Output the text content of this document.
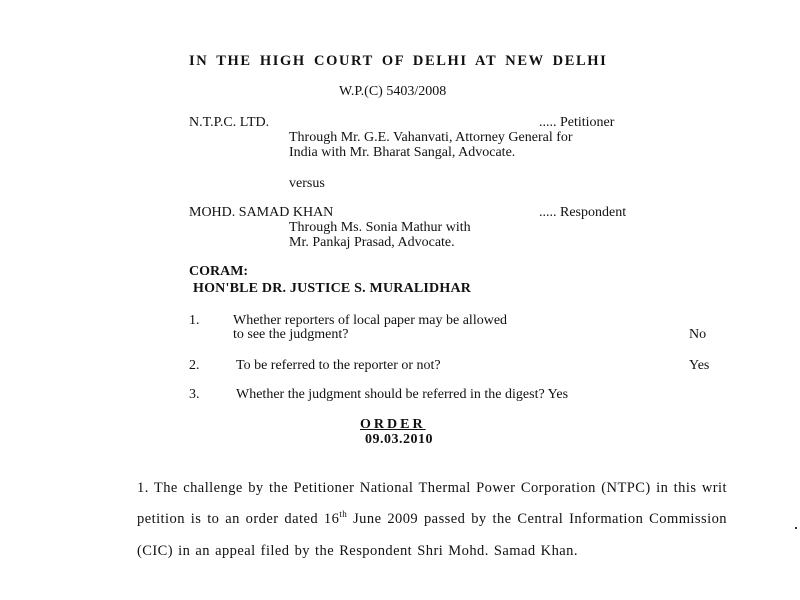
IN THE HIGH COURT OF DELHI AT NEW DELHI
W.P.(C) 5403/2008
N.T.P.C. LTD.	..... Petitioner
Through Mr. G.E. Vahanvati, Attorney General for
India with Mr. Bharat Sangal, Advocate.
versus
MOHD. SAMAD KHAN	..... Respondent
Through Ms. Sonia Mathur with
Mr. Pankaj Prasad, Advocate.
CORAM:
HON'BLE DR. JUSTICE S. MURALIDHAR
1. Whether reporters of local paper may be allowed
to see the judgment?	No
2.	To be referred to the reporter or not?	Yes
3.	Whether the judgment should be referred in the digest? Yes
ORDER
09.03.2010

1. The challenge by the Petitioner National Thermal Power Corporation (NTPC) in this writ petition is to an order dated 16th June 2009 passed by the Central Information Commission (CIC) in an appeal filed by the Respondent Shri Mohd. Samad Khan.
